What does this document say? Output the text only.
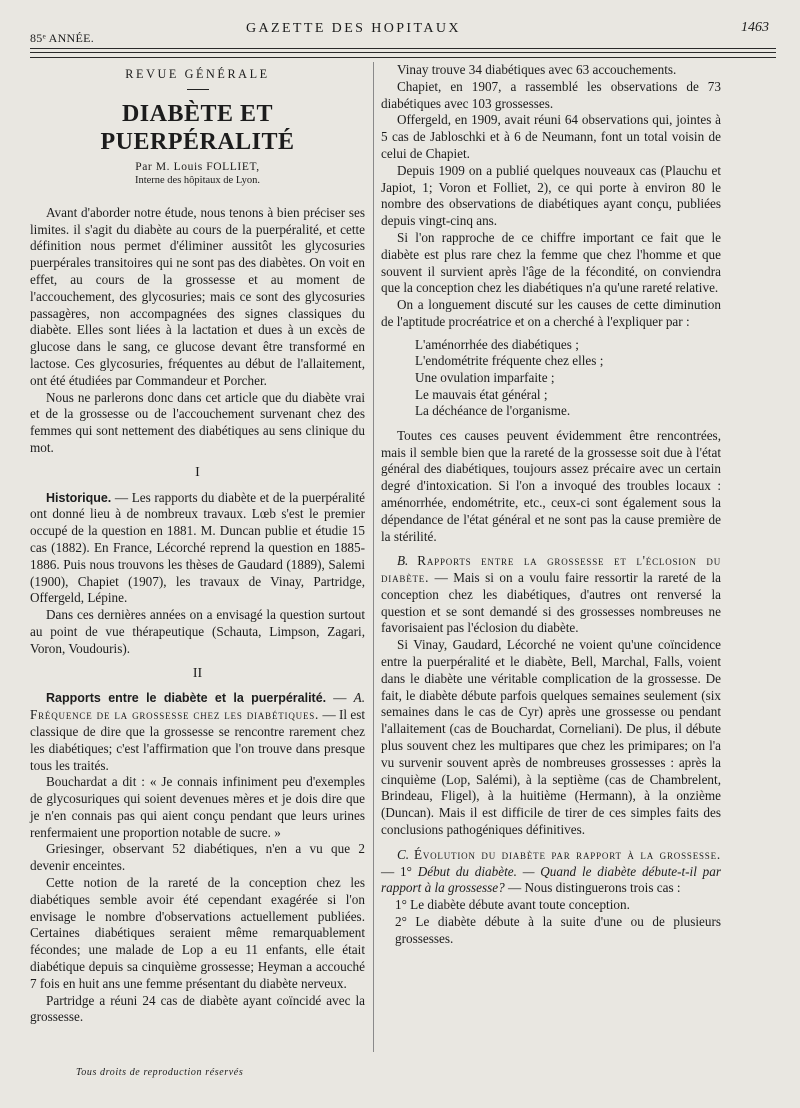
85ᵉ ANNÉE.
GAZETTE DES HOPITAUX	1463
REVUE GÉNÉRALE
DIABÈTE ET PUERPÉRALITÉ
Par M. Louis FOLLIET,
Interne des hôpitaux de Lyon.

Avant d'aborder notre étude, nous tenons à bien préciser ses limites. il s'agit du diabète au cours de la puerpéralité, et cette définition nous permet d'éliminer aussitôt les glycosuries puerpérales transitoires qui ne sont pas des diabètes. On voit en effet, au cours de la grossesse et au moment de l'accouchement, des glycosuries; mais ce sont des glycosuries passagères, non accompagnées des signes classiques du diabète. Elles sont liées à la lactation et dues à un excès de glucose dans le sang, ce glucose devant être transformé en lactose. Ces glycosuries, fréquentes au début de l'allaitement, ont été étudiées par Commandeur et Porcher.

Nous ne parlerons donc dans cet article que du diabète vrai et de la grossesse ou de l'accouchement survenant chez des femmes qui sont nettement des diabétiques au sens clinique du mot.

I

Historique. — Les rapports du diabète et de la puerpéralité ont donné lieu à de nombreux travaux. Lœb s'est le premier occupé de la question en 1881. M. Duncan publie et étudie 15 cas (1882). En France, Lécorché reprend la question en 1885-1886. Puis nous trouvons les thèses de Gaudard (1889), Salemi (1900), Chapiet (1907), les travaux de Vinay, Partridge, Offergeld, Lépine.

Dans ces dernières années on a envisagé la question surtout au point de vue thérapeutique (Schauta, Limpson, Zagari, Voron, Voudouris).

II

Rapports entre le diabète et la puerpéralité. — A. Fréquence de la grossesse chez les diabétiques. — Il est classique de dire que la grossesse se rencontre rarement chez les diabétiques; c'est l'affirmation que l'on trouve dans presque tous les traités.

Bouchardat a dit : « Je connais infiniment peu d'exemples de glycosuriques qui soient devenues mères et je dois dire que je n'en connais pas qui aient conçu pendant que leurs urines renfermaient une proportion notable de sucre. »

Griesinger, observant 52 diabétiques, n'en a vu que 2 devenir enceintes.

Cette notion de la rareté de la conception chez les diabétiques semble avoir été cependant exagérée si l'on envisage le nombre d'observations actuellement publiées. Certaines diabétiques seraient même remarquablement fécondes; une malade de Lop a eu 11 enfants, elle était diabétique depuis sa cinquième grossesse; Heyman a accouché 7 fois en huit ans une femme présentant du diabète nerveux.

Partridge a réuni 24 cas de diabète ayant coïncidé avec la grossesse.

Vinay trouve 34 diabétiques avec 63 accouchements.

Chapiet, en 1907, a rassemblé les observations de 73 diabétiques avec 103 grossesses.

Offergeld, en 1909, avait réuni 64 observations qui, jointes à 5 cas de Jabloschki et à 6 de Neumann, font un total voisin de celui de Chapiet.

Depuis 1909 on a publié quelques nouveaux cas (Plauchu et Japiot, 1; Voron et Folliet, 2), ce qui porte à environ 80 le nombre des observations de diabétiques ayant conçu, publiées depuis vingt-cinq ans.

Si l'on rapproche de ce chiffre important ce fait que le diabète est plus rare chez la femme que chez l'homme et que souvent il survient après l'âge de la fécondité, on conviendra que la conception chez les diabétiques n'a qu'une rareté relative.

On a longuement discuté sur les causes de cette diminution de l'aptitude procréatrice et on a cherché à l'expliquer par :

L'aménorrhée des diabétiques ;
L'endométrite fréquente chez elles ;
Une ovulation imparfaite ;
Le mauvais état général ;
La déchéance de l'organisme.

Toutes ces causes peuvent évidemment être rencontrées, mais il semble bien que la rareté de la grossesse soit due à l'état général des diabétiques, toujours assez précaire avec un certain degré d'intoxication. Si l'on a invoqué des troubles locaux : aménorrhée, endométrite, etc., ceux-ci sont également sous la dépendance de l'état général et ne sont pas la cause première de la stérilité.

B. Rapports entre la grossesse et l'éclosion du diabète. — Mais si on a voulu faire ressortir la rareté de la conception chez les diabétiques, d'autres ont renversé la question et se sont demandé si des grossesses nombreuses ne favorisaient pas l'éclosion du diabète.

Si Vinay, Gaudard, Lécorché ne voient qu'une coïncidence entre la puerpéralité et le diabète, Bell, Marchal, Falls, voient dans le diabète une véritable complication de la grossesse. De fait, le diabète débute parfois quelques semaines seulement (six semaines dans le cas de Cyr) après une grossesse ou pendant l'allaitement (cas de Bouchardat, Corneliani). De plus, il débute plus souvent chez les multipares que chez les primipares; on l'a vu survenir souvent après de nombreuses grossesses : après la cinquième (Lop, Salémi), à la septième (cas de Chambrelent, Brindeau, Fligel), à la huitième (Hermann), à la onzième (Duncan). Mais il est difficile de tirer de ces simples faits des conclusions pathogéniques définitives.

C. Évolution du diabète par rapport à la grossesse. — 1° Début du diabète. — Quand le diabète débute-t-il par rapport à la grossesse? — Nous distinguerons trois cas :

1° Le diabète débute avant toute conception.

2° Le diabète débute à la suite d'une ou de plusieurs grossesses.

Tous droits de reproduction réservés
